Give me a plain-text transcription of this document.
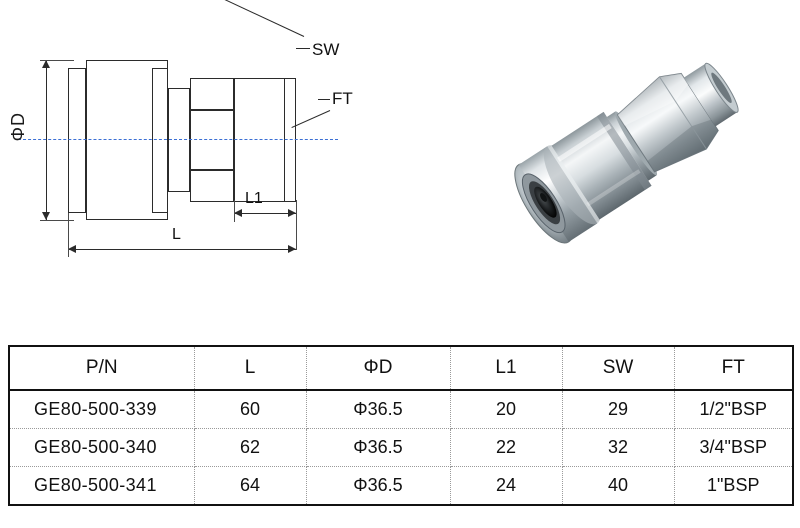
ΦD
L1
L
SW
FT
P/N	L	ΦD	L1	SW	FT
GE80-500-339	60	Φ36.5	20	29	1/2"BSP
GE80-500-340	62	Φ36.5	22	32	3/4"BSP
GE80-500-341	64	Φ36.5	24	40	1"BSP
